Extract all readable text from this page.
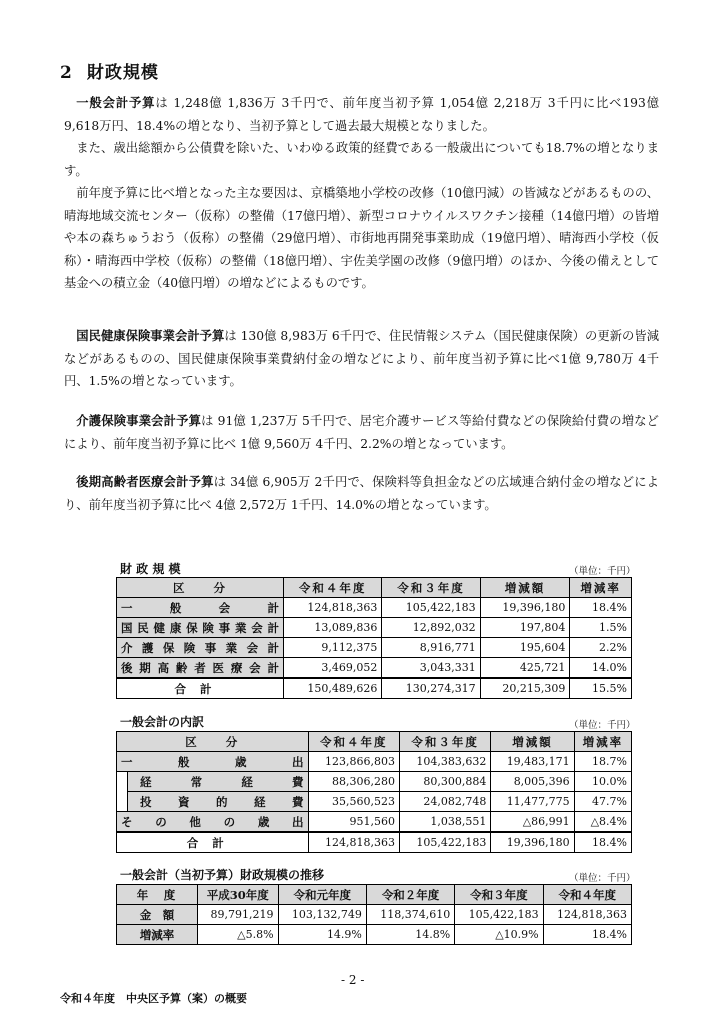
2 財政規模

一般会計予算は 1,248億 1,836万 3千円で、前年度当初予算 1,054億 2,218万 3千円に比べ193億 9,618万円、18.4%の増となり、当初予算として過去最大規模となりました。

また、歳出総額から公債費を除いた、いわゆる政策的経費である一般歳出についても18.7%の増となります。

前年度予算に比べ増となった主な要因は、京橋築地小学校の改修（10億円減）の皆減などがあるものの、晴海地域交流センター（仮称）の整備（17億円増）、新型コロナウイルスワクチン接種（14億円増）の皆増や本の森ちゅうおう（仮称）の整備（29億円増）、市街地再開発事業助成（19億円増）、晴海西小学校（仮称）・晴海西中学校（仮称）の整備（18億円増）、宇佐美学園の改修（9億円増）のほか、今後の備えとして基金への積立金（40億円増）の増などによるものです。

国民健康保険事業会計予算は 130億 8,983万 6千円で、住民情報システム（国民健康保険）の更新の皆減などがあるものの、国民健康保険事業費納付金の増などにより、前年度当初予算に比べ1億 9,780万 4千円、1.5%の増となっています。

介護保険事業会計予算は 91億 1,237万 5千円で、居宅介護サービス等給付費などの保険給付費の増などにより、前年度当初予算に比べ 1億 9,560万 4千円、2.2%の増となっています。

後期高齢者医療会計予算は 34億 6,905万 2千円で、保険料等負担金などの広域連合納付金の増などにより、前年度当初予算に比べ 4億 2,572万 1千円、14.0%の増となっています。

財 政 規 模	（単位：千円）
区　　分	令和４年度	令和３年度	増減額	増減率
一般会計	124,818,363	105,422,183	19,396,180	18.4%
国民健康保険事業会計	13,089,836	12,892,032	197,804	1.5%
介護保険事業会計	9,112,375	8,916,771	195,604	2.2%
後期高齢者医療会計	3,469,052	3,043,331	425,721	14.0%
合計	150,489,626	130,274,317	20,215,309	15.5%
一般会計の内訳	（単位：千円）
区　　分		令和４年度	令和３年度	増減額	増減率
一般歳出		123,866,803	104,383,632	19,483,171	18.7%
	経常経費	88,306,280	80,300,884	8,005,396	10.0%
	投資的経費	35,560,523	24,082,748	11,477,775	47.7%
その他の歳出		951,560	1,038,551	△86,991	△8.4%
合計		124,818,363	105,422,183	19,396,180	18.4%
一般会計（当初予算）財政規模の推移	（単位：千円）
年　度	平成30年度	令和元年度	令和２年度	令和３年度	令和４年度
金　額	89,791,219	103,132,749	118,374,610	105,422,183	124,818,363
増減率	△5.8%	14.9%	14.8%	△10.9%	18.4%
- 2 -
令和４年度　中央区予算（案）の概要
